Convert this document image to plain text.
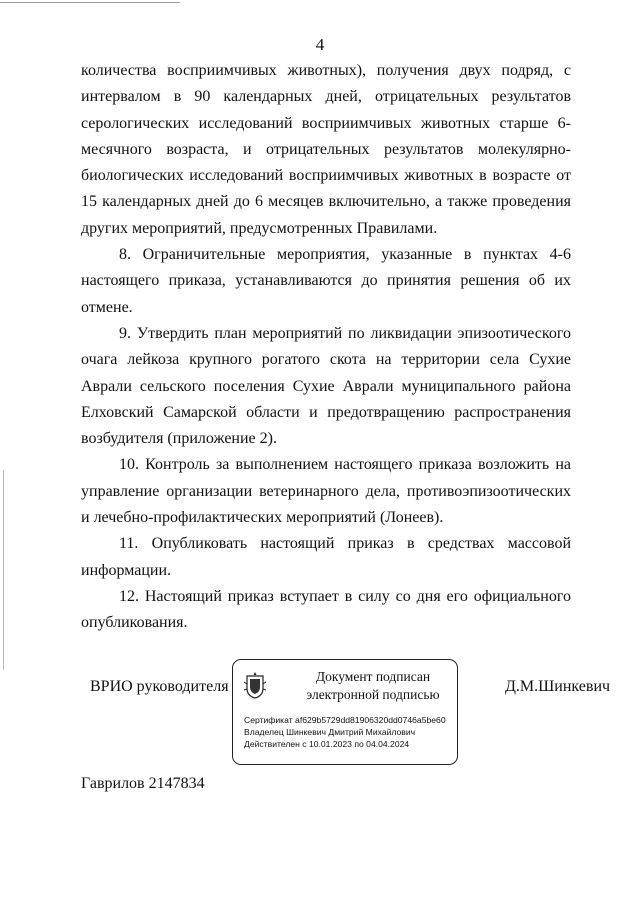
4

количества восприимчивых животных), получения двух подряд, с интервалом в 90 календарных дней, отрицательных результатов серологических исследований восприимчивых животных старше 6-месячного возраста, и отрицательных результатов молекулярно-биологических исследований восприимчивых животных в возрасте от 15 календарных дней до 6 месяцев включительно, а также проведения других мероприятий, предусмотренных Правилами.

8. Ограничительные мероприятия, указанные в пунктах 4-6 настоящего приказа, устанавливаются до принятия решения об их отмене.

9. Утвердить план мероприятий по ликвидации эпизоотического очага лейкоза крупного рогатого скота на территории села Сухие Аврали сельского поселения Сухие Аврали муниципального района Елховский Самарской области и предотвращению распространения возбудителя (приложение 2).

10. Контроль за выполнением настоящего приказа возложить на управление организации ветеринарного дела, противоэпизоотических и лечебно-профилактических мероприятий (Лонеев).

11. Опубликовать настоящий приказ в средствах массовой информации.

12. Настоящий приказ вступает в силу со дня его официального опубликования.

ВРИО руководителя	Д.М.Шинкевич
Документ подписан
электронной подписью
Сертификат af629b5729dd81906320dd0746a5be60
Владелец Шинкевич Дмитрий Михайлович
Действителен с 10.01.2023 по 04.04.2024
Гаврилов 2147834
